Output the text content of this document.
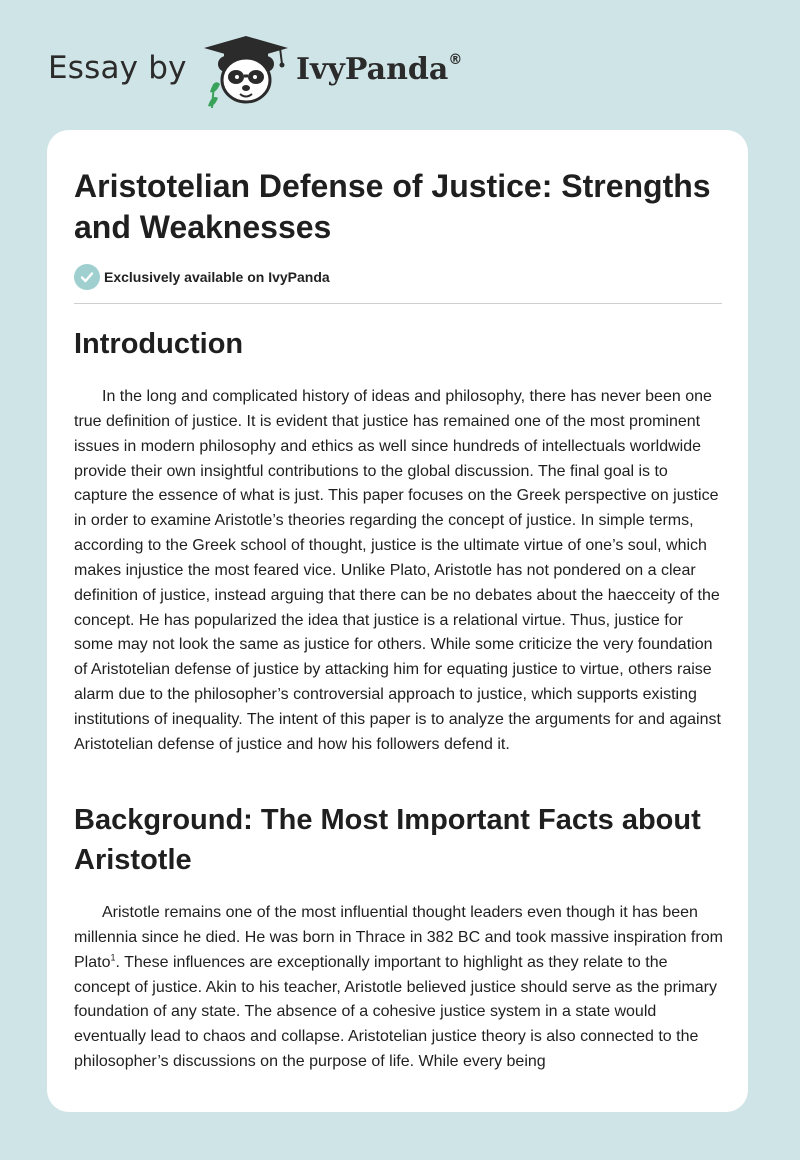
Essay by	IvyPanda®
Aristotelian Defense of Justice: Strengths and Weaknesses
Exclusively available on IvyPanda
Introduction

In the long and complicated history of ideas and philosophy, there has never been one true definition of justice. It is evident that justice has remained one of the most prominent issues in modern philosophy and ethics as well since hundreds of intellectuals worldwide provide their own insightful contributions to the global discussion. The final goal is to capture the essence of what is just. This paper focuses on the Greek perspective on justice in order to examine Aristotle’s theories regarding the concept of justice. In simple terms, according to the Greek school of thought, justice is the ultimate virtue of one’s soul, which makes injustice the most feared vice. Unlike Plato, Aristotle has not pondered on a clear definition of justice, instead arguing that there can be no debates about the haecceity of the concept. He has popularized the idea that justice is a relational virtue. Thus, justice for some may not look the same as justice for others. While some criticize the very foundation of Aristotelian defense of justice by attacking him for equating justice to virtue, others raise alarm due to the philosopher’s controversial approach to justice, which supports existing institutions of inequality. The intent of this paper is to analyze the arguments for and against Aristotelian defense of justice and how his followers defend it.

Background: The Most Important Facts about Aristotle

Aristotle remains one of the most influential thought leaders even though it has been millennia since he died. He was born in Thrace in 382 BC and took massive inspiration from Plato$^1$. These influences are exceptionally important to highlight as they relate to the concept of justice. Akin to his teacher, Aristotle believed justice should serve as the primary foundation of any state. The absence of a cohesive justice system in a state would eventually lead to chaos and collapse. Aristotelian justice theory is also connected to the philosopher’s discussions on the purpose of life. While every being
